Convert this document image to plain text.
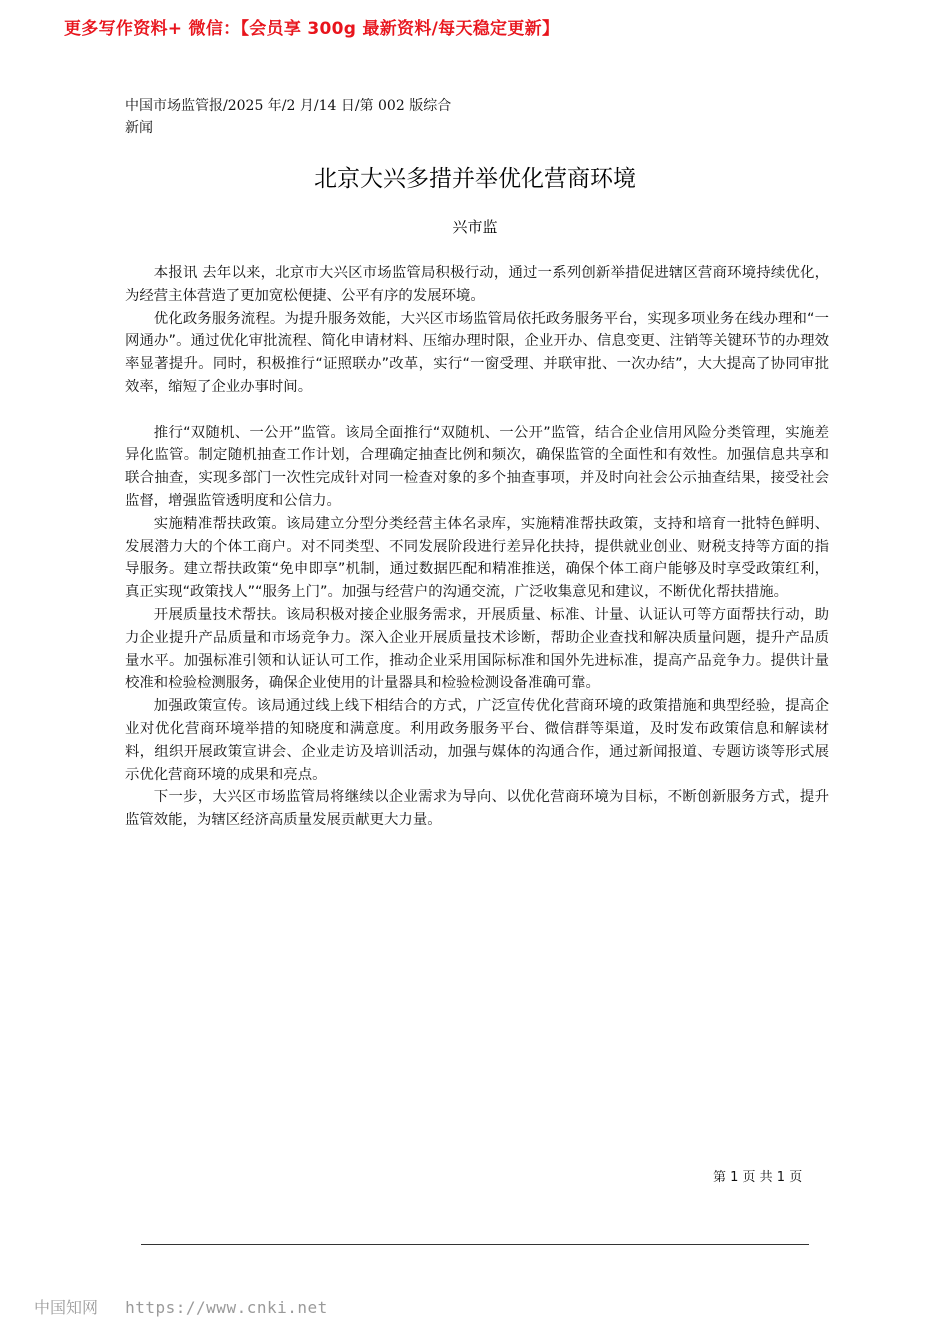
更多写作资料+ 微信：【会员享 300g 最新资料/每天稳定更新】
中国市场监管报/2025 年/2 月/14 日/第 002 版综合新闻
北京大兴多措并举优化营商环境
兴市监

本报讯 去年以来，北京市大兴区市场监管局积极行动，通过一系列创新举措促进辖区营商环境持续优化，为经营主体营造了更加宽松便捷、公平有序的发展环境。

优化政务服务流程。为提升服务效能，大兴区市场监管局依托政务服务平台，实现多项业务在线办理和“一网通办”。通过优化审批流程、简化申请材料、压缩办理时限，企业开办、信息变更、注销等关键环节的办理效率显著提升。同时，积极推行“证照联办”改革，实行“一窗受理、并联审批、一次办结”，大大提高了协同审批效率，缩短了企业办事时间。

推行“双随机、一公开”监管。该局全面推行“双随机、一公开”监管，结合企业信用风险分类管理，实施差异化监管。制定随机抽查工作计划，合理确定抽查比例和频次，确保监管的全面性和有效性。加强信息共享和联合抽查，实现多部门一次性完成针对同一检查对象的多个抽查事项，并及时向社会公示抽查结果，接受社会监督，增强监管透明度和公信力。

实施精准帮扶政策。该局建立分型分类经营主体名录库，实施精准帮扶政策，支持和培育一批特色鲜明、发展潜力大的个体工商户。对不同类型、不同发展阶段进行差异化扶持，提供就业创业、财税支持等方面的指导服务。建立帮扶政策“免申即享”机制，通过数据匹配和精准推送，确保个体工商户能够及时享受政策红利，真正实现“政策找人”“服务上门”。加强与经营户的沟通交流，广泛收集意见和建议，不断优化帮扶措施。

开展质量技术帮扶。该局积极对接企业服务需求，开展质量、标准、计量、认证认可等方面帮扶行动，助力企业提升产品质量和市场竞争力。深入企业开展质量技术诊断，帮助企业查找和解决质量问题，提升产品质量水平。加强标准引领和认证认可工作，推动企业采用国际标准和国外先进标准，提高产品竞争力。提供计量校准和检验检测服务，确保企业使用的计量器具和检验检测设备准确可靠。

加强政策宣传。该局通过线上线下相结合的方式，广泛宣传优化营商环境的政策措施和典型经验，提高企业对优化营商环境举措的知晓度和满意度。利用政务服务平台、微信群等渠道，及时发布政策信息和解读材料，组织开展政策宣讲会、企业走访及培训活动，加强与媒体的沟通合作，通过新闻报道、专题访谈等形式展示优化营商环境的成果和亮点。

下一步，大兴区市场监管局将继续以企业需求为导向、以优化营商环境为目标，不断创新服务方式，提升监管效能，为辖区经济高质量发展贡献更大力量。

第 1 页 共 1 页
中国知网 https://www.cnki.net
